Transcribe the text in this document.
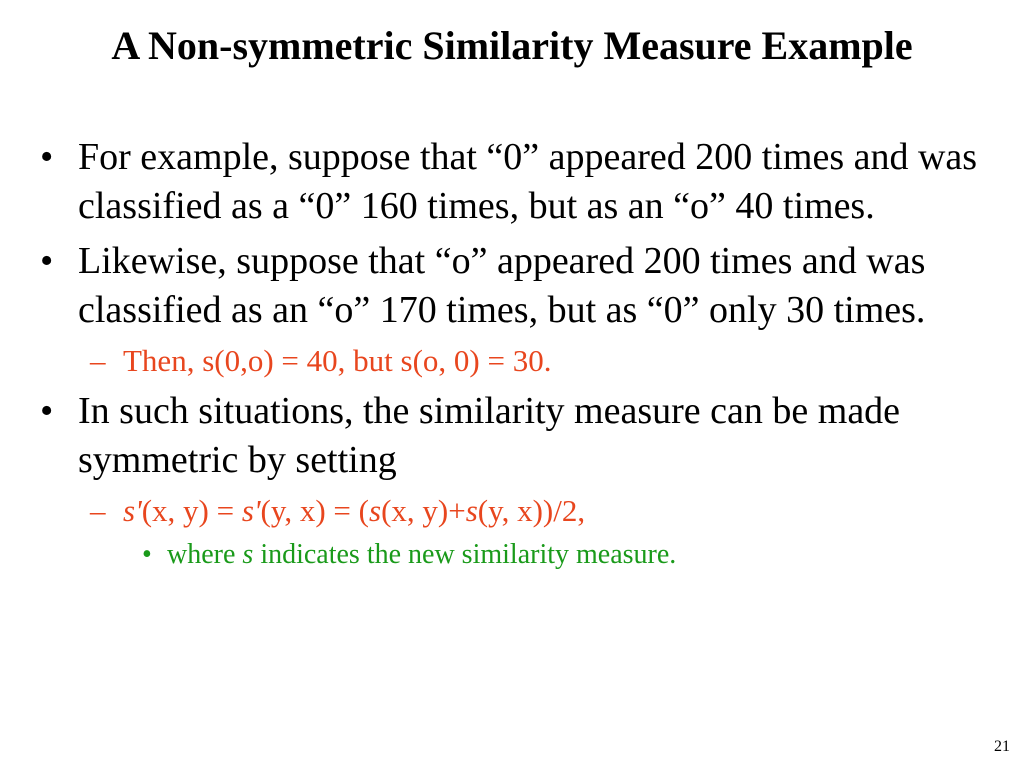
A Non-symmetric Similarity Measure Example
• For example, suppose that “0” appeared 200 times and was classified as a “0” 160 times, but as an “o” 40 times.
• Likewise, suppose that “o” appeared 200 times and was classified as an “o” 170 times, but as “0” only 30 times.
– Then, s(0,o) = 40, but s(o, 0) = 30.
• In such situations, the similarity measure can be made symmetric by setting
– s'(x, y) = s'(y, x) = (s(x, y)+s(y, x))/2,
• where s indicates the new similarity measure.
21
